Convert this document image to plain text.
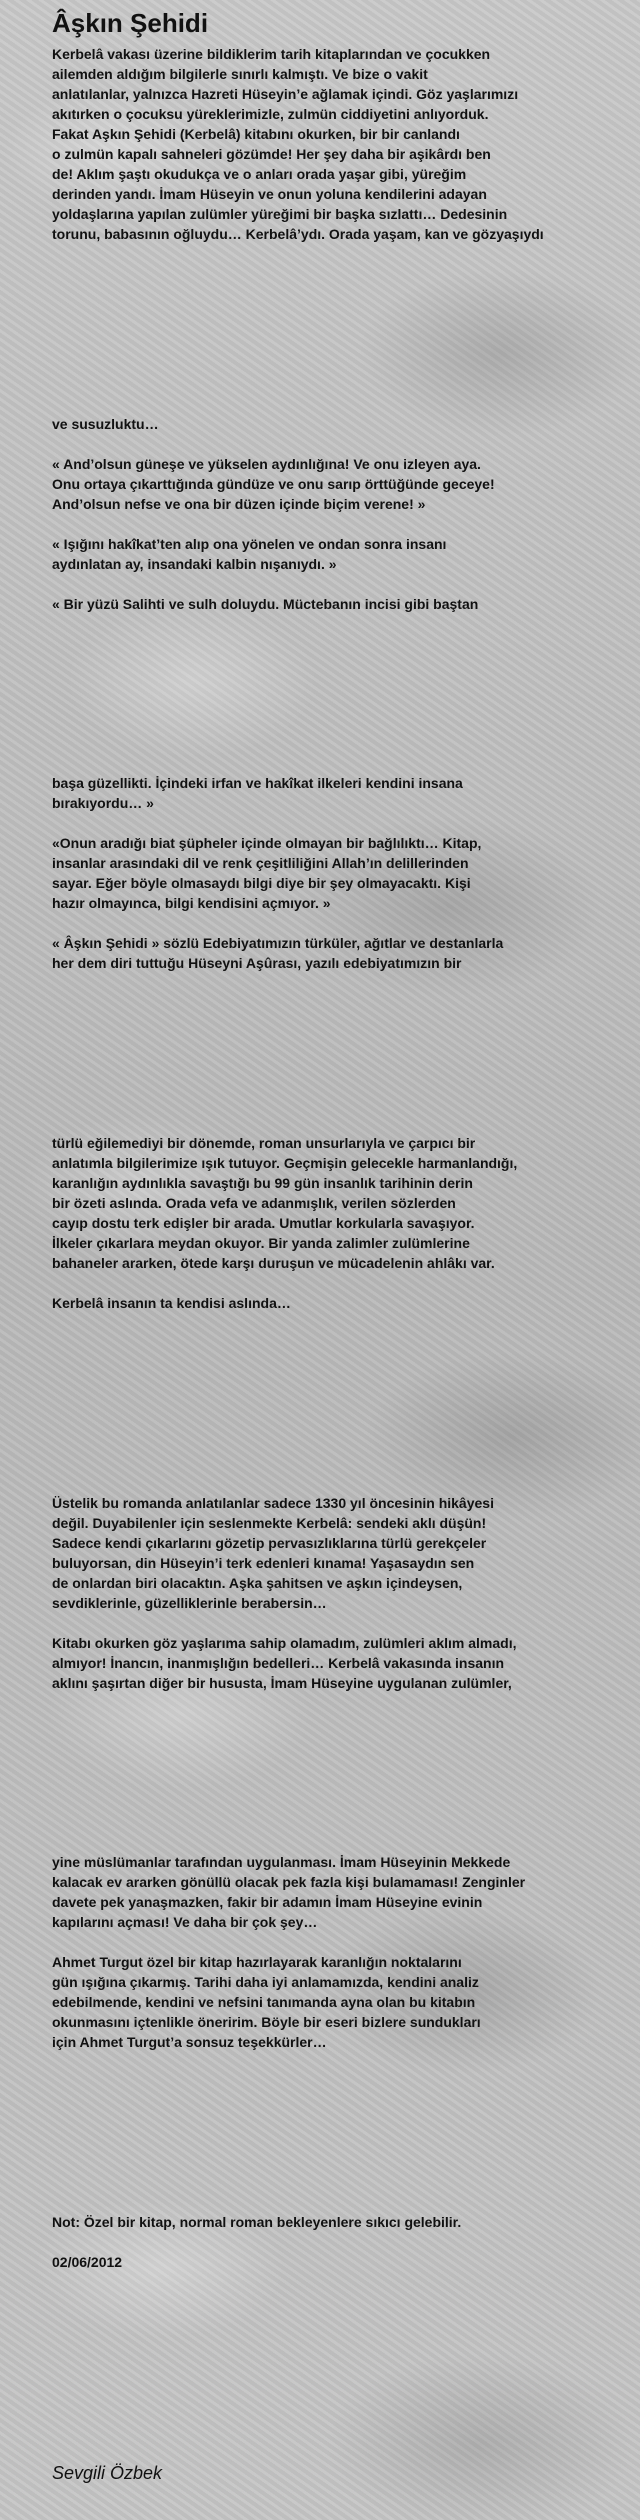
Âşkın Şehidi
Kerbelâ vakası üzerine bildiklerim tarih kitaplarından ve çocukken
ailemden aldığım bilgilerle sınırlı kalmıştı. Ve bize o vakit
anlatılanlar, yalnızca Hazreti Hüseyin’e ağlamak içindi. Göz yaşlarımızı
akıtırken o çocuksu yüreklerimizle, zulmün ciddiyetini anlıyorduk.
Fakat Aşkın Şehidi (Kerbelâ) kitabını okurken, bir bir canlandı
o zulmün kapalı sahneleri gözümde! Her şey daha bir aşikârdı ben
de! Aklım şaştı okudukça ve o anları orada yaşar gibi, yüreğim
derinden yandı. İmam Hüseyin ve onun yoluna kendilerini adayan
yoldaşlarına yapılan zulümler yüreğimi bir başka sızlattı… Dedesinin
torunu, babasının oğluydu… Kerbelâ’ydı. Orada yaşam, kan ve gözyaşıydı
ve susuzluktu…
« And’olsun güneşe ve yükselen aydınlığına! Ve onu izleyen aya.
Onu ortaya çıkarttığında gündüze ve onu sarıp örttüğünde geceye!
And’olsun nefse ve ona bir düzen içinde biçim verene! »
« Işığını hakîkat’ten alıp ona yönelen ve ondan sonra insanı
aydınlatan ay, insandaki kalbin nışanıydı. »
« Bir yüzü Salihti ve sulh doluydu. Müctebanın incisi gibi baştan
başa güzellikti. İçindeki irfan ve hakîkat ilkeleri kendini insana
bırakıyordu… »
«Onun aradığı biat şüpheler içinde olmayan bir bağlılıktı… Kitap,
insanlar arasındaki dil ve renk çeşitliliğini Allah’ın delillerinden
sayar. Eğer böyle olmasaydı bilgi diye bir şey olmayacaktı. Kişi
hazır olmayınca, bilgi kendisini açmıyor. »
« Âşkın Şehidi » sözlü Edebiyatımızın türküler, ağıtlar ve destanlarla
her dem diri tuttuğu Hüseyni Aşûrası, yazılı edebiyatımızın bir
türlü eğilemediyi bir dönemde, roman unsurlarıyla ve çarpıcı bir
anlatımla bilgilerimize ışık tutuyor. Geçmişin gelecekle harmanlandığı,
karanlığın aydınlıkla savaştığı bu 99 gün insanlık tarihinin derin
bir özeti aslında. Orada vefa ve adanmışlık, verilen sözlerden
cayıp dostu terk edişler bir arada. Umutlar korkularla savaşıyor.
İlkeler çıkarlara meydan okuyor. Bir yanda zalimler zulümlerine
bahaneler ararken, ötede karşı duruşun ve mücadelenin ahlâkı var.
Kerbelâ insanın ta kendisi aslında…
Üstelik bu romanda anlatılanlar sadece 1330 yıl öncesinin hikâyesi
değil. Duyabilenler için seslenmekte Kerbelâ: sendeki aklı düşün!
Sadece kendi çıkarlarını gözetip pervasızlıklarına türlü gerekçeler
buluyorsan, din Hüseyin’i terk edenleri kınama! Yaşasaydın sen
de onlardan biri olacaktın. Aşka şahitsen ve aşkın içindeysen,
sevdiklerinle, güzelliklerinle berabersin…
Kitabı okurken göz yaşlarıma sahip olamadım, zulümleri aklım almadı,
almıyor! İnancın, inanmışlığın bedelleri… Kerbelâ vakasında insanın
aklını şaşırtan diğer bir hususta, İmam Hüseyine uygulanan zulümler,
yine müslümanlar tarafından uygulanması. İmam Hüseyinin Mekkede
kalacak ev ararken gönüllü olacak pek fazla kişi bulamaması! Zenginler
davete pek yanaşmazken, fakir bir adamın İmam Hüseyine evinin
kapılarını açması! Ve daha bir çok şey…
Ahmet Turgut özel bir kitap hazırlayarak karanlığın noktalarını
gün ışığına çıkarmış. Tarihi daha iyi anlamamızda, kendini analiz
edebilmende, kendini ve nefsini tanımanda ayna olan bu kitabın
okunmasını içtenlikle öneririm. Böyle bir eseri bizlere sundukları
için Ahmet Turgut’a sonsuz teşekkürler…
Not: Özel bir kitap, normal roman bekleyenlere sıkıcı gelebilir.
02/06/2012
Sevgili Özbek
